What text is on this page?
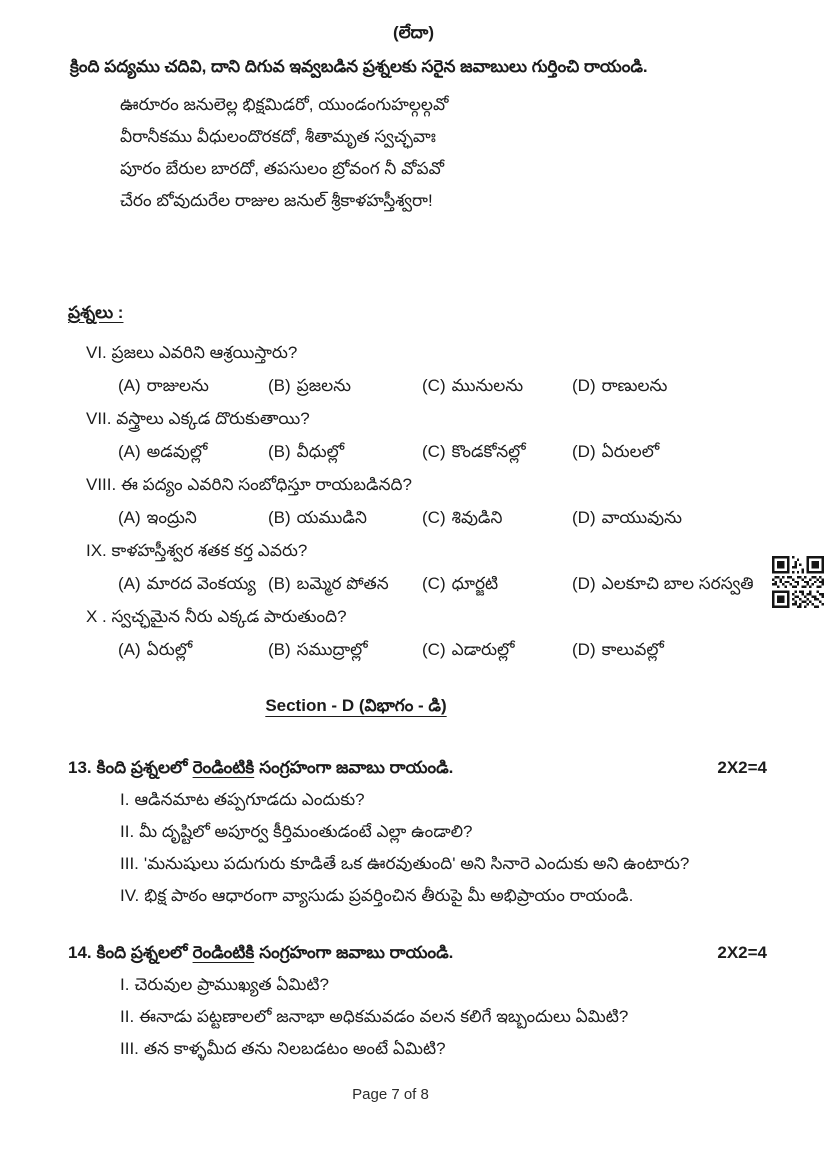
(లేదా)
క్రింది పద్యము చదివి, దాని దిగువ ఇవ్వబడిన ప్రశ్నలకు సరైన జవాబులు గుర్తించి రాయండి.
ఊరూరం జనులెల్ల భిక్షమిడరో, యుండంగుహల్గల్గవో
వీరానీకము వీధులందొరకదో, శీతామృత స్వచ్ఛవాః
పూరం బేరుల బారదో, తపసులం బ్రోవంగ నీ వోపవో
చేరం బోవుదురేల రాజుల జనుల్ శ్రీకాళహస్తీశ్వరా!
ప్రశ్నలు :
VI. ప్రజలు ఎవరిని ఆశ్రయిస్తారు?
(A) రాజులను	(B) ప్రజలను	(C) మునులను	(D) రాణులను
VII. వస్త్రాలు ఎక్కడ దొరుకుతాయి?
(A) అడవుల్లో	(B) వీధుల్లో	(C) కొండకోనల్లో	(D) ఏరులలో
VIII. ఈ పద్యం ఎవరిని సంబోధిస్తూ రాయబడినది?
(A) ఇంద్రుని	(B) యముడిని	(C) శివుడిని	(D) వాయువును
IX. కాళహస్తీశ్వర శతక కర్త ఎవరు?
(A) మారద వెంకయ్య (B) బమ్మెర పోతన	(C) ధూర్జటి	(D) ఎలకూచి బాల సరస్వతి
X . స్వచ్ఛమైన నీరు ఎక్కడ పారుతుంది?
(A) ఏరుల్లో	(B) సముద్రాల్లో	(C) ఎడారుల్లో	(D) కాలువల్లో
Section - D (విభాగం - డి)
13. కింది ప్రశ్నలలో రెండింటికి సంగ్రహంగా జవాబు రాయండి.	2X2=4
I. ఆడినమాట తప్పగూడదు ఎందుకు?
II. మీ దృష్టిలో అపూర్వ కీర్తిమంతుడంటే ఎల్లా ఉండాలి?
III. 'మనుషులు పదుగురు కూడితే ఒక ఊరవుతుంది' అని సినారె ఎందుకు అని ఉంటారు?
IV. భిక్ష పాఠం ఆధారంగా వ్యాసుడు ప్రవర్తించిన తీరుపై మీ అభిప్రాయం రాయండి.
14. కింది ప్రశ్నలలో రెండింటికి సంగ్రహంగా జవాబు రాయండి.	2X2=4
I. చెరువుల ప్రాముఖ్యత ఏమిటి?
II. ఈనాడు పట్టణాలలో జనాభా అధికమవడం వలన కలిగే ఇబ్బందులు ఏమిటి?
III. తన కాళ్ళమీద తను నిలబడటం అంటే ఏమిటి?
Page 7 of 8
